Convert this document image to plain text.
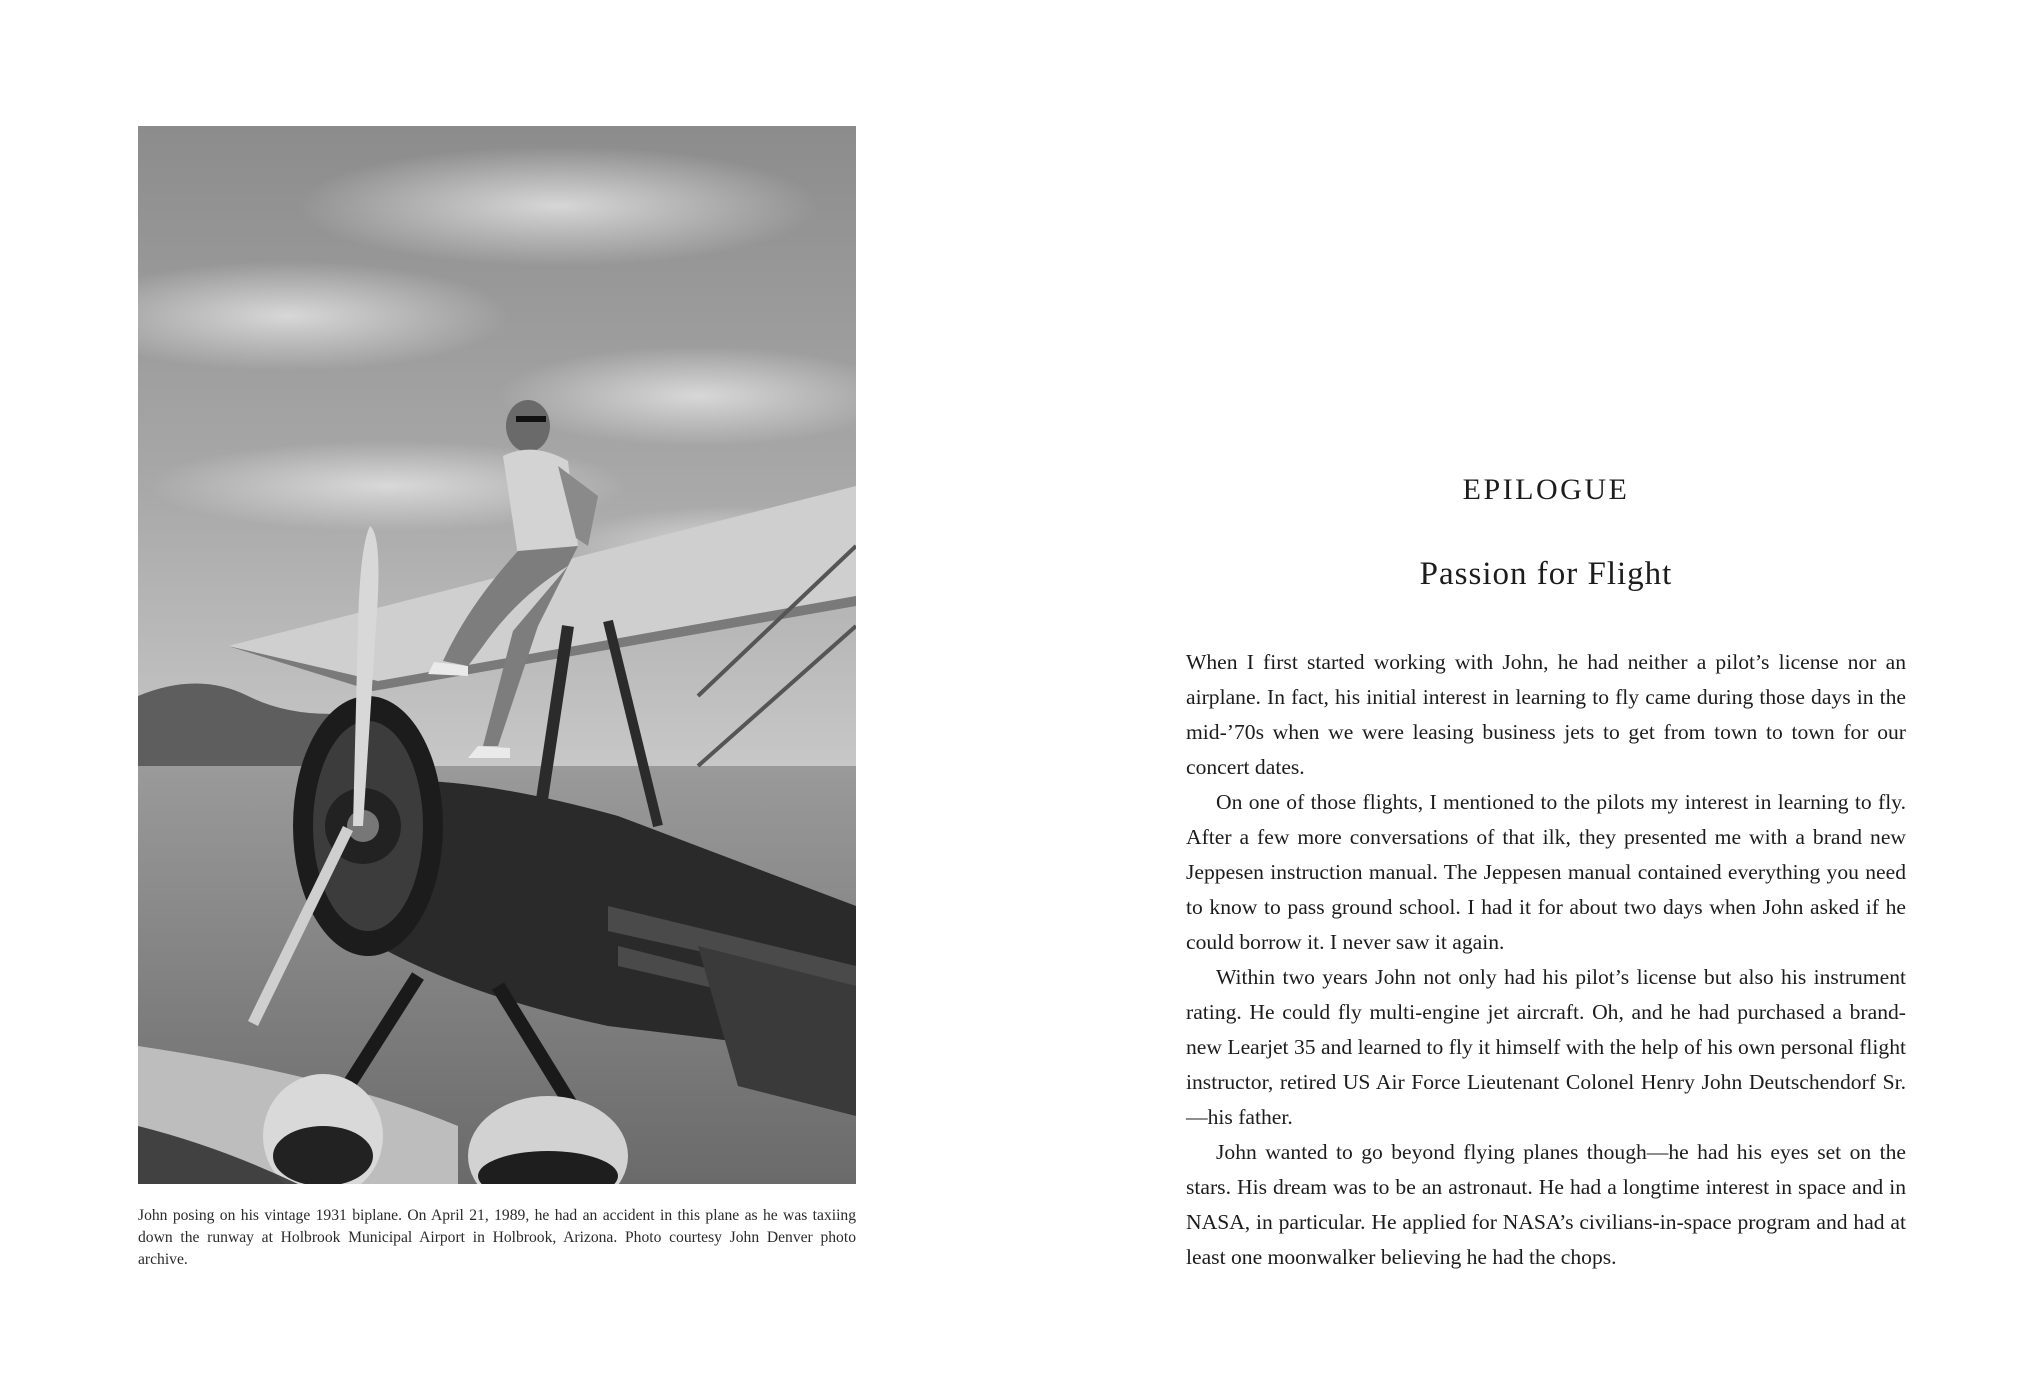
John posing on his vintage 1931 biplane. On April 21, 1989, he had an accident in this plane as he was taxiing down the runway at Holbrook Municipal Airport in Holbrook, Arizona. Photo courtesy John Denver photo archive.
EPILOGUE
Passion for Flight

When I first started working with John, he had neither a pilot’s license nor an airplane. In fact, his initial interest in learning to fly came during those days in the mid-’70s when we were leasing business jets to get from town to town for our concert dates.

On one of those flights, I mentioned to the pilots my interest in learning to fly. After a few more conversations of that ilk, they presented me with a brand new Jeppesen instruction manual. The Jeppesen manual contained everything you need to know to pass ground school. I had it for about two days when John asked if he could borrow it. I never saw it again.

Within two years John not only had his pilot’s license but also his instrument rating. He could fly multi-engine jet aircraft. Oh, and he had purchased a brand-new Learjet 35 and learned to fly it himself with the help of his own personal flight instructor, retired US Air Force Lieutenant Colonel Henry John Deutschendorf Sr.—his father.

John wanted to go beyond flying planes though—he had his eyes set on the stars. His dream was to be an astronaut. He had a longtime interest in space and in NASA, in particular. He applied for NASA’s civilians-in-space program and had at least one moonwalker believing he had the chops.
